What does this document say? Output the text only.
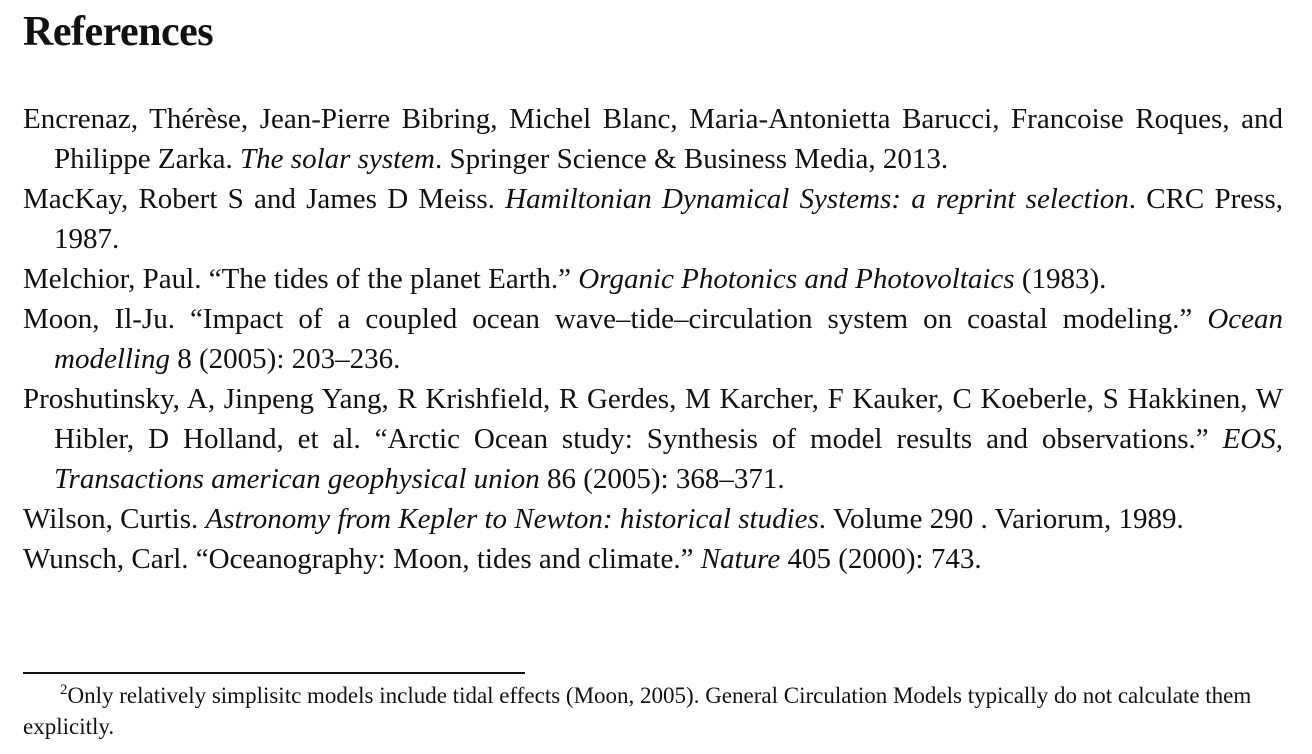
References

Encrenaz, Thérèse, Jean-Pierre Bibring, Michel Blanc, Maria-Antonietta Barucci, Francoise Roques, and Philippe Zarka. The solar system. Springer Science & Business Media, 2013.

MacKay, Robert S and James D Meiss. Hamiltonian Dynamical Systems: a reprint selection. CRC Press, 1987.

Melchior, Paul. “The tides of the planet Earth.” Organic Photonics and Photovoltaics (1983).

Moon, Il-Ju. “Impact of a coupled ocean wave–tide–circulation system on coastal modeling.” Ocean modelling 8 (2005): 203–236.

Proshutinsky, A, Jinpeng Yang, R Krishfield, R Gerdes, M Karcher, F Kauker, C Koeberle, S Hakkinen, W Hibler, D Holland, et al. “Arctic Ocean study: Synthesis of model results and observations.” EOS, Transactions american geophysical union 86 (2005): 368–371.

Wilson, Curtis. Astronomy from Kepler to Newton: historical studies. Volume 290 . Variorum, 1989.

Wunsch, Carl. “Oceanography: Moon, tides and climate.” Nature 405 (2000): 743.

$^2$Only relatively simplisitc models include tidal effects (Moon, 2005). General Circulation Models typically do not calculate them explicitly.
